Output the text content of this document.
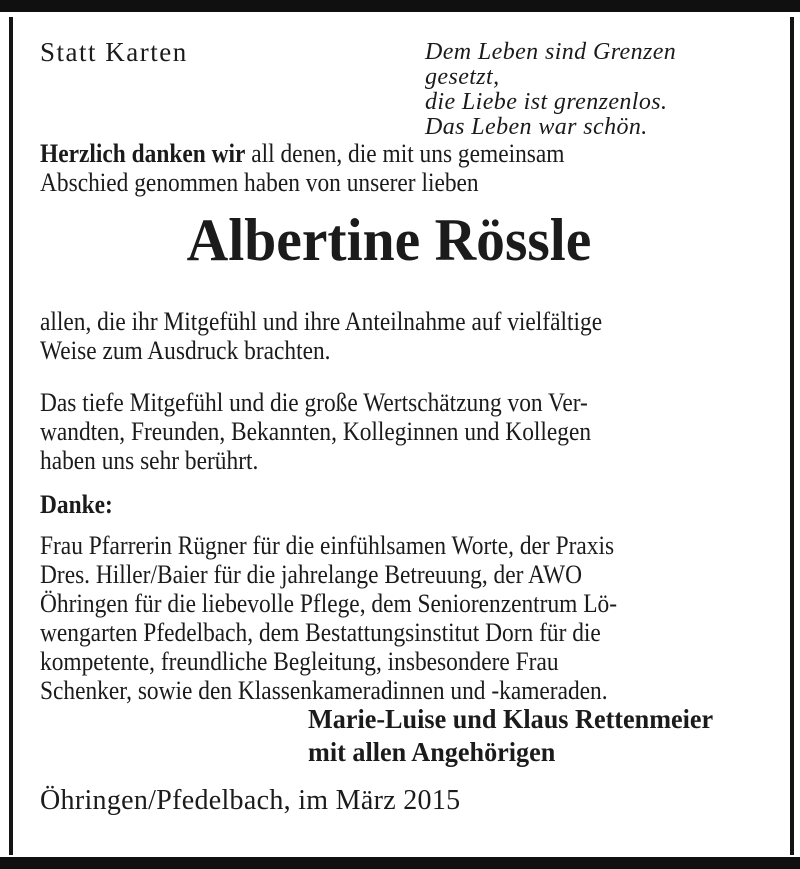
Statt Karten	Dem Leben sind Grenzen gesetzt,
die Liebe ist grenzenlos.
Das Leben war schön.
Herzlich danken wir all denen, die mit uns gemeinsam
Abschied genommen haben von unserer lieben
Albertine Rössle
allen, die ihr Mitgefühl und ihre Anteilnahme auf vielfältige
Weise zum Ausdruck brachten.
Das tiefe Mitgefühl und die große Wertschätzung von Ver-
wandten, Freunden, Bekannten, Kolleginnen und Kollegen
haben uns sehr berührt.
Danke:
Frau Pfarrerin Rügner für die einfühlsamen Worte, der Praxis
Dres. Hiller/Baier für die jahrelange Betreuung, der AWO
Öhringen für die liebevolle Pflege, dem Seniorenzentrum Lö-
wengarten Pfedelbach, dem Bestattungsinstitut Dorn für die
kompetente, freundliche Begleitung, insbesondere Frau
Schenker, sowie den Klassenkameradinnen und -kameraden.
Marie-Luise und Klaus Rettenmeier
mit allen Angehörigen
Öhringen/Pfedelbach, im März 2015
